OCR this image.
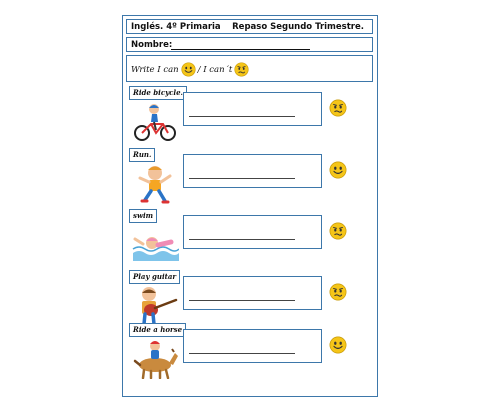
Inglés. 4º Primaria Repaso Segundo Trimestre.
Nombre:
Write I can / I can´t
Ride bicycle.
Run.
swim
Play guitar
Ride a horse
